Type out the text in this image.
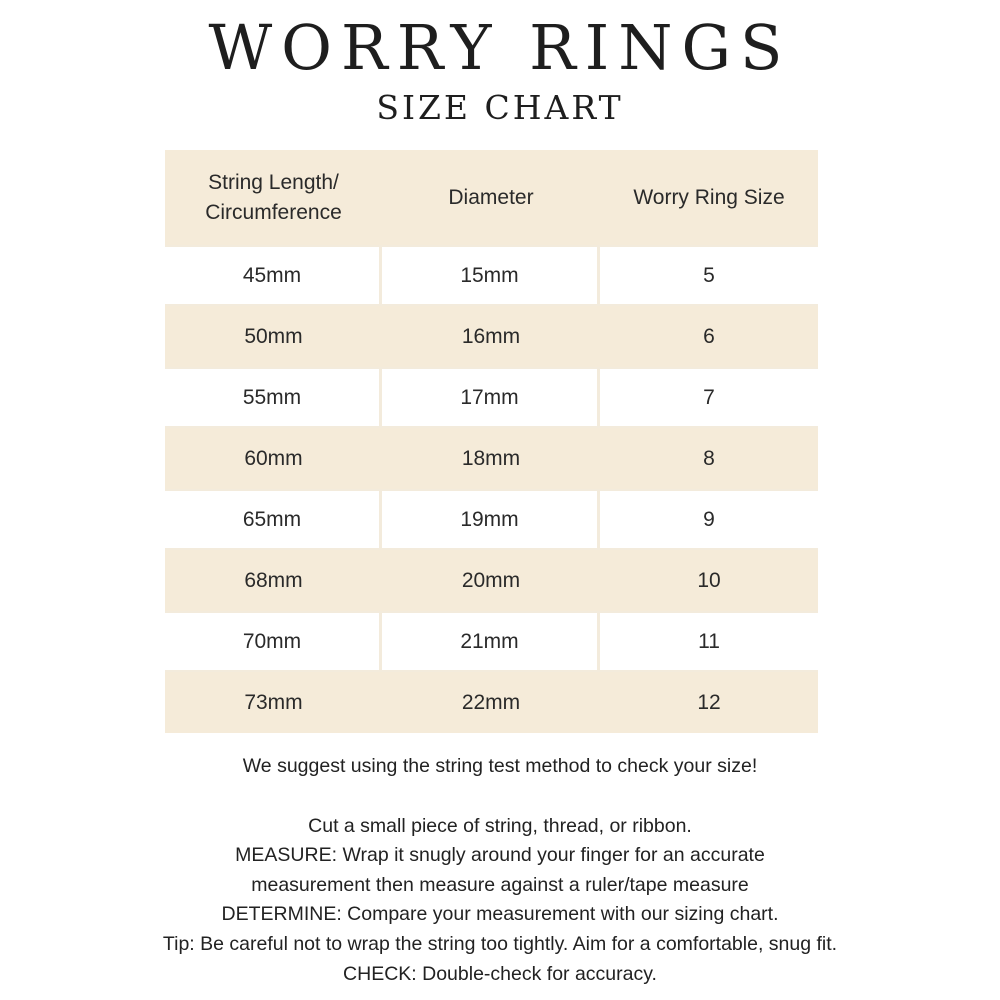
WORRY RINGS
SIZE CHART
String Length/
Circumference
Diameter	Worry Ring Size
45mm	15mm	5
50mm	16mm	6
55mm	17mm	7
60mm	18mm	8
65mm	19mm	9
68mm	20mm	10
70mm	21mm	11
73mm	22mm	12
We suggest using the string test method to check your size!
Cut a small piece of string, thread, or ribbon.
MEASURE: Wrap it snugly around your finger for an accurate
measurement then measure against a ruler/tape measure
DETERMINE: Compare your measurement with our sizing chart.
Tip: Be careful not to wrap the string too tightly. Aim for a comfortable, snug fit.
CHECK: Double-check for accuracy.
